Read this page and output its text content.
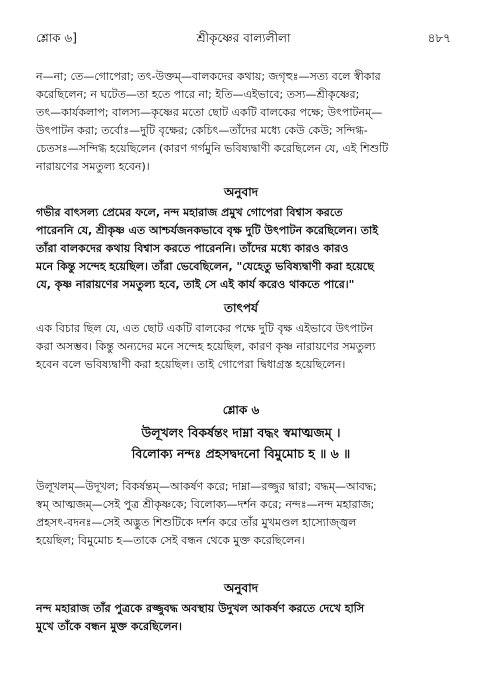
শ্লোক ৬]	শ্রীকৃষ্ণের বাল্যলীলা	৪৮৭

ন—না; তে—গোপেরা; তৎ-উক্তম্—বালকদের কথায়; জগৃহুঃ—সত্য বলে স্বীকার

করেছিলেন; ন ঘটেত—তা হতে পারে না; ইতি—এইভাবে; তস্য—শ্রীকৃষ্ণের;

তৎ—কার্যকলাপ; বালস্য—কৃষ্ণের মতো ছোট একটি বালকের পক্ষে; উৎপাটনম্—

উৎপাটন করা; তর্বোঃ—দুটি বৃক্ষের; কেচিৎ—তাঁদের মধ্যে কেউ কেউ; সন্দিগ্ধ-

চেতসঃ—সন্দিগ্ধ হয়েছিলেন (কারণ গর্গমুনি ভবিষ্যদ্বাণী করেছিলেন যে, এই শিশুটি

নারায়ণের সমতুল্য হবেন)।

অনুবাদ

গভীর বাৎসল্য প্রেমের ফলে, নন্দ মহারাজ প্রমুখ গোপেরা বিশ্বাস করতে

পারেননি যে, শ্রীকৃষ্ণ এত আশ্চর্যজনকভাবে বৃক্ষ দুটি উৎপাটন করেছিলেন। তাই

তাঁরা বালকদের কথায় বিশ্বাস করতে পারেননি। তাঁদের মধ্যে কারও কারও

মনে কিন্তু সন্দেহ হয়েছিল। তাঁরা ভেবেছিলেন, "যেহেতু ভবিষ্যদ্বাণী করা হয়েছে

যে, কৃষ্ণ নারায়ণের সমতুল্য হবে, তাই সে এই কার্য করেও থাকতে পারে।"

তাৎপর্য

এক বিচার ছিল যে, এত ছোট একটি বালকের পক্ষে দুটি বৃক্ষ এইভাবে উৎপাটন

করা অসম্ভব। কিন্তু অন্যদের মনে সন্দেহ হয়েছিল, কারণ কৃষ্ণ নারায়ণের সমতুল্য

হবেন বলে ভবিষ্যদ্বাণী করা হয়েছিল। তাই গোপেরা দ্বিধাগ্রস্ত হয়েছিলেন।

শ্লোক ৬

উলূখলং বিকর্ষন্তং দাম্না বদ্ধং স্বমাত্মজম্ ।

বিলোক্য নন্দঃ প্রহসদ্বদনো বিমুমোচ হ ॥ ৬ ॥

উলূখলম্—উদূখল; বিকর্ষন্তম্—আকর্ষণ করে; দাম্না—রজ্জুর দ্বারা; বদ্ধম্—আবদ্ধ;

স্বম্ আত্মজম্—সেই পুত্র শ্রীকৃষ্ণকে; বিলোক্য—দর্শন করে; নন্দঃ—নন্দ মহারাজ;

প্রহসৎ-বদনঃ—সেই অদ্ভুত শিশুটিকে দর্শন করে তাঁর মুখমণ্ডল হাস্যোজ্জ্বল

হয়েছিল; বিমুমোচ হ—তাকে সেই বন্ধন থেকে মুক্ত করেছিলেন।

অনুবাদ

নন্দ মহারাজ তাঁর পুত্রকে রজ্জুবদ্ধ অবস্থায় উদুখল আকর্ষণ করতে দেখে হাসি

মুখে তাঁকে বন্ধন মুক্ত করেছিলেন।
